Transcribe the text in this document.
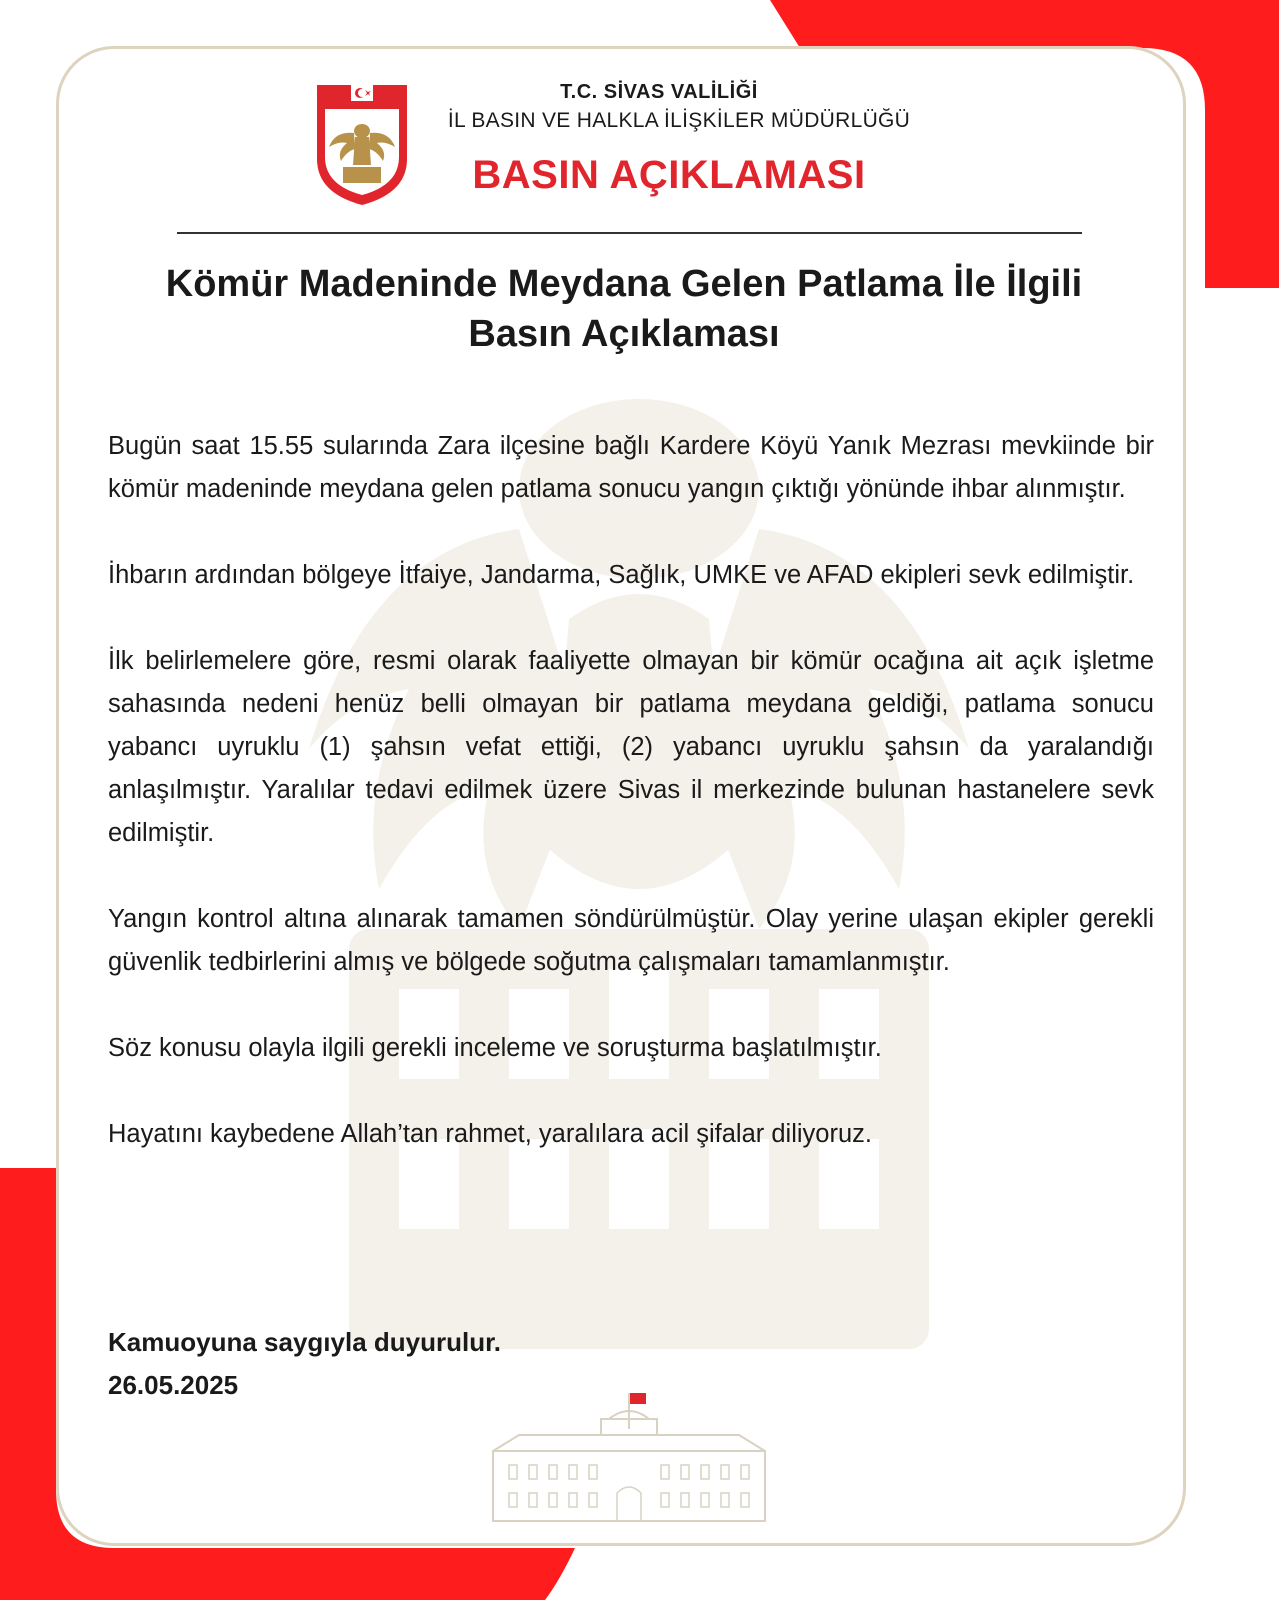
T.C. SİVAS VALİLİĞİ
İL BASIN VE HALKLA İLİŞKİLER MÜDÜRLÜĞÜ
BASIN AÇIKLAMASI
Kömür Madeninde Meydana Gelen Patlama İle İlgili
Basın Açıklaması

Bugün saat 15.55 sularında Zara ilçesine bağlı Kardere Köyü Yanık Mezrası mevkiinde bir kömür madeninde meydana gelen patlama sonucu yangın çıktığı yönünde ihbar alınmıştır.

İhbarın ardından bölgeye İtfaiye, Jandarma, Sağlık, UMKE ve AFAD ekipleri sevk edilmiştir.

İlk belirlemelere göre, resmi olarak faaliyette olmayan bir kömür ocağına ait açık işletme sahasında nedeni henüz belli olmayan bir patlama meydana geldiği, patlama sonucu yabancı uyruklu (1) şahsın vefat ettiği, (2) yabancı uyruklu şahsın da yaralandığı anlaşılmıştır. Yaralılar tedavi edilmek üzere Sivas il merkezinde bulunan hastanelere sevk edilmiştir.

Yangın kontrol altına alınarak tamamen söndürülmüştür. Olay yerine ulaşan ekipler gerekli güvenlik tedbirlerini almış ve bölgede soğutma çalışmaları tamamlanmıştır.

Söz konusu olayla ilgili gerekli inceleme ve soruşturma başlatılmıştır.

Hayatını kaybedene Allah’tan rahmet, yaralılara acil şifalar diliyoruz.

Kamuoyuna saygıyla duyurulur.
26.05.2025
